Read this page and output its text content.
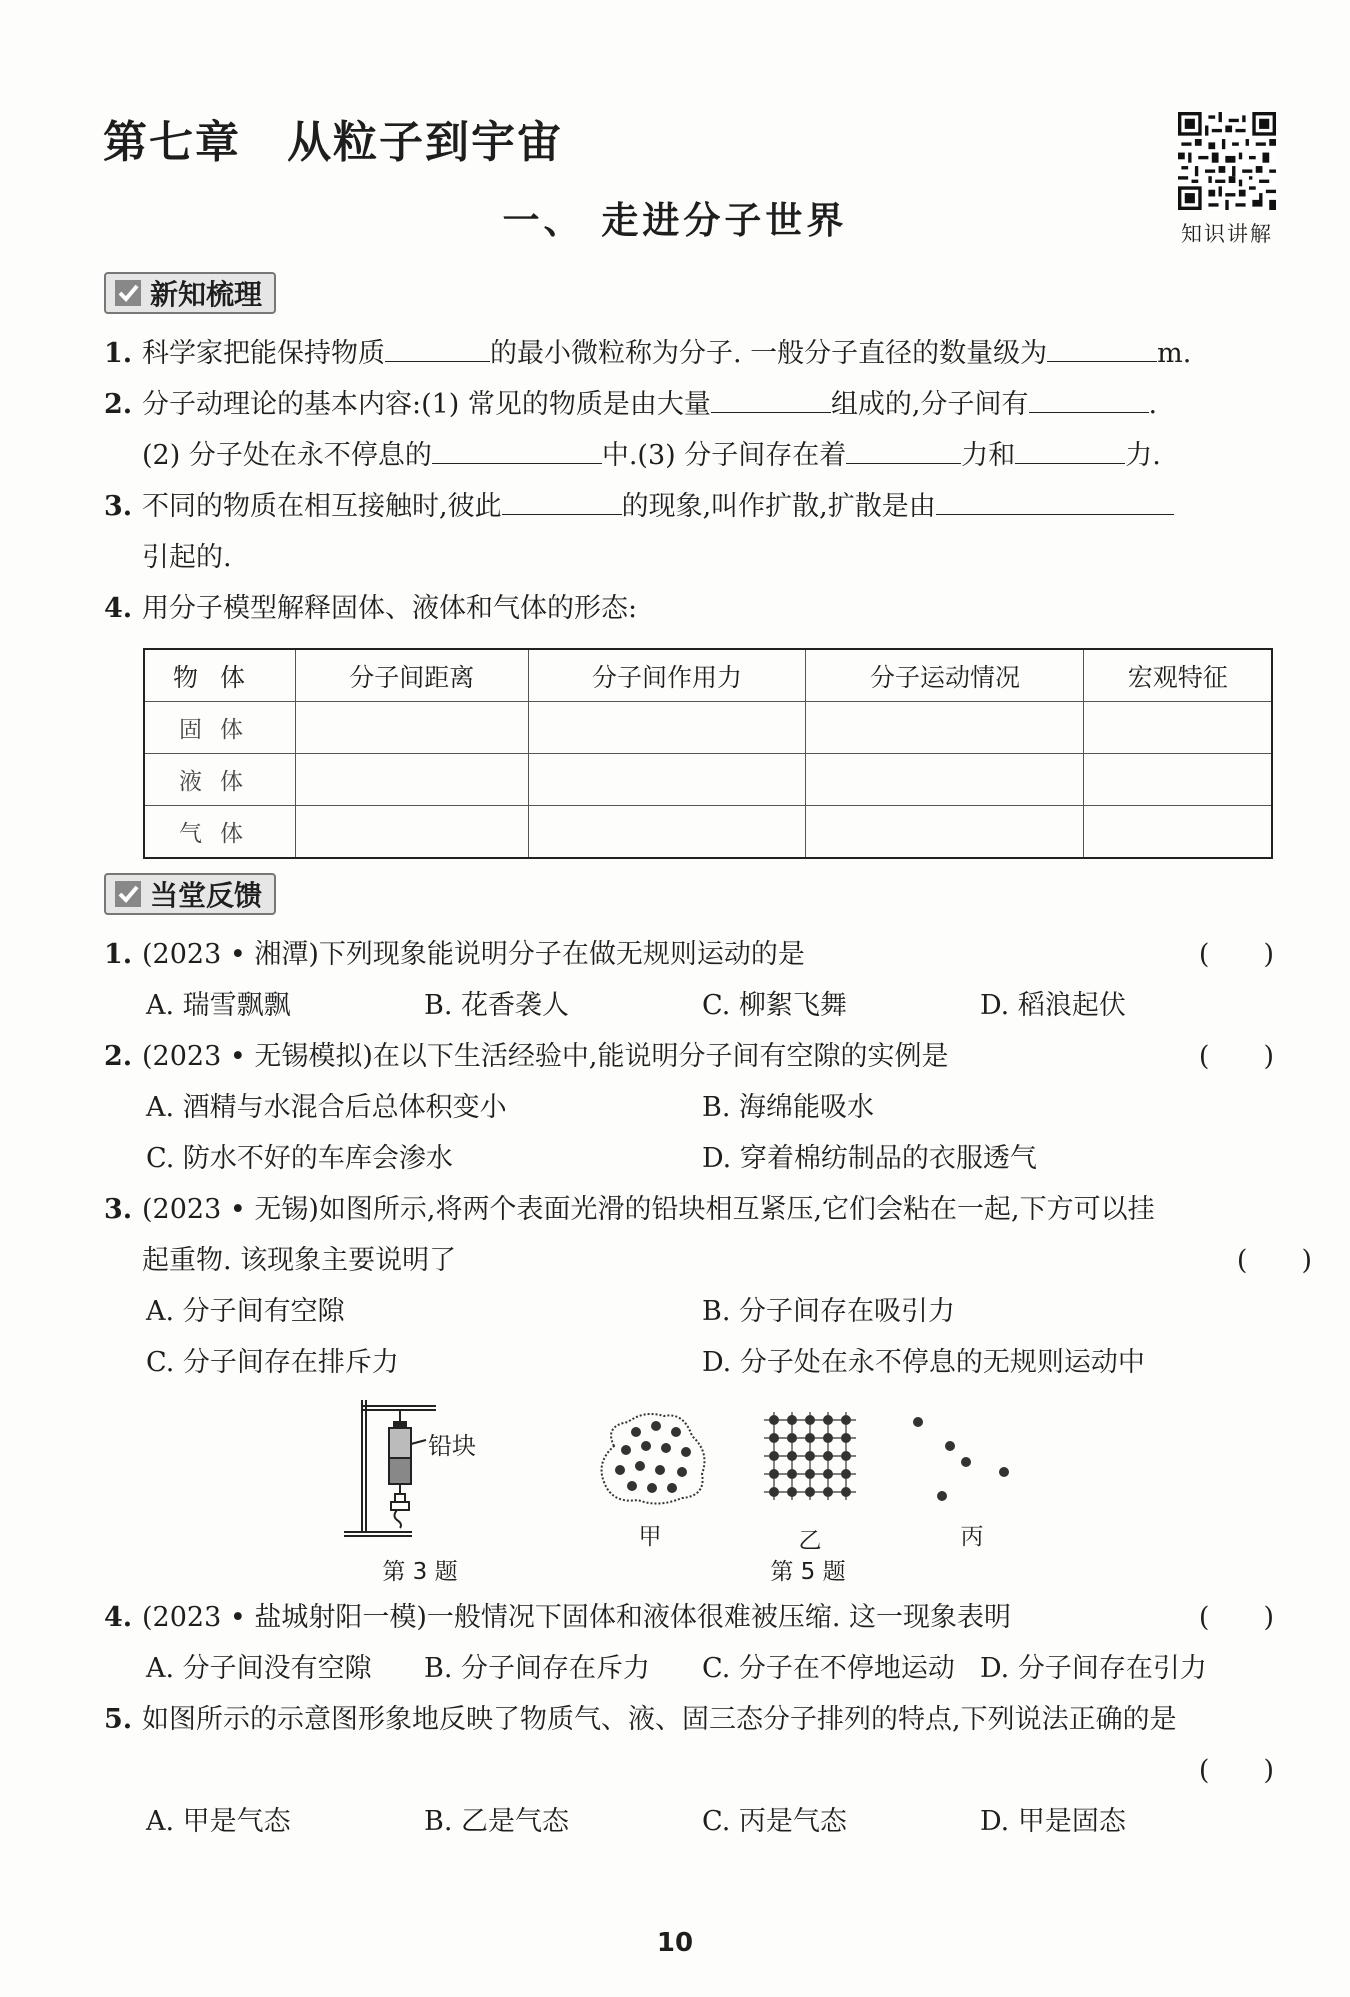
第七章　从粒子到宇宙
一、 走进分子世界	知识讲解
新知梳理
1. 科学家把能保持物质	的最小微粒称为分子. 一般分子直径的数量级为	m.
2. 分子动理论的基本内容:(1) 常见的物质是由大量	组成的,分子间有	.
(2) 分子处在永不停息的	中.(3) 分子间存在着	力和	力.
3. 不同的物质在相互接触时,彼此	的现象,叫作扩散,扩散是由
引起的.
4. 用分子模型解释固体、液体和气体的形态:
物体	分子间距离	分子间作用力	分子运动情况	宏观特征
固体				
液体				
气体				
当堂反馈
1. (2023 • 湘潭)下列现象能说明分子在做无规则运动的是	(　　)
A. 瑞雪飘飘	B. 花香袭人	C. 柳絮飞舞	D. 稻浪起伏
2. (2023 • 无锡模拟)在以下生活经验中,能说明分子间有空隙的实例是	(　　)
A. 酒精与水混合后总体积变小	B. 海绵能吸水
C. 防水不好的车库会渗水	D. 穿着棉纺制品的衣服透气
3. (2023 • 无锡)如图所示,将两个表面光滑的铅块相互紧压,它们会粘在一起,下方可以挂
起重物. 该现象主要说明了	(　　)
A. 分子间有空隙	B. 分子间存在吸引力
C. 分子间存在排斥力	D. 分子处在永不停息的无规则运动中
铅块
第 3 题
甲	乙	丙
第 5 题
4. (2023 • 盐城射阳一模)一般情况下固体和液体很难被压缩. 这一现象表明	(　　)
A. 分子间没有空隙 B. 分子间存在斥力 C. 分子在不停地运动 D. 分子间存在引力
5. 如图所示的示意图形象地反映了物质气、液、固三态分子排列的特点,下列说法正确的是
(　　)
A. 甲是气态	B. 乙是气态	C. 丙是气态	D. 甲是固态
10
